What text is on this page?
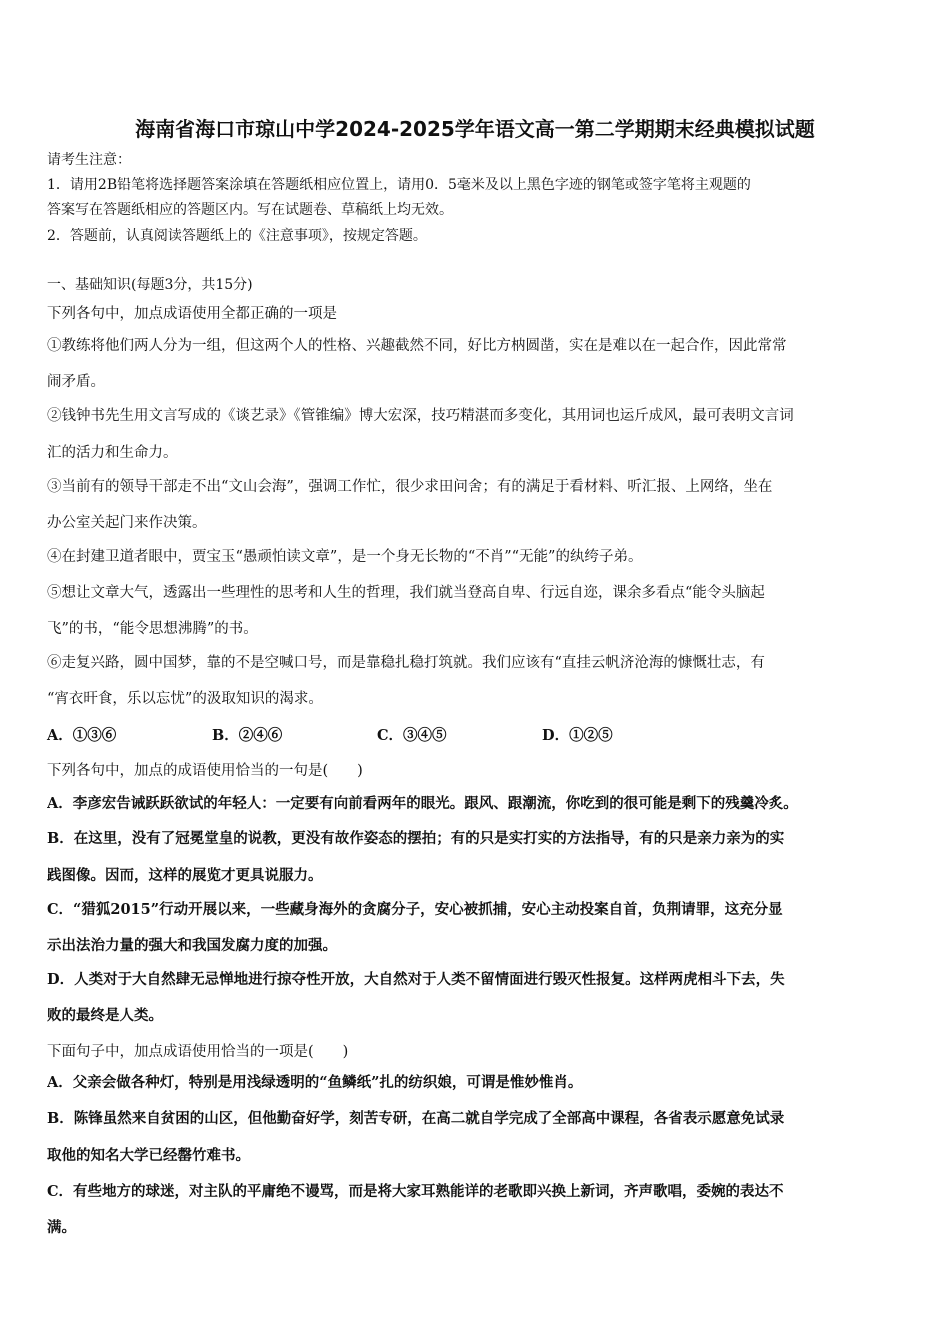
海南省海口市琼山中学2024-2025学年语文高一第二学期期末经典模拟试题
请考生注意：
1．请用2B铅笔将选择题答案涂填在答题纸相应位置上，请用0．5毫米及以上黑色字迹的钢笔或签字笔将主观题的
答案写在答题纸相应的答题区内。写在试题卷、草稿纸上均无效。
2．答题前，认真阅读答题纸上的《注意事项》，按规定答题。
一、基础知识(每题3分，共15分)
下列各句中，加点成语使用全都正确的一项是
①教练将他们两人分为一组，但这两个人的性格、兴趣截然不同，好比方枘圆凿，实在是难以在一起合作，因此常常
闹矛盾。
②钱钟书先生用文言写成的《谈艺录》《管锥编》博大宏深，技巧精湛而多变化，其用词也运斤成风，最可表明文言词
汇的活力和生命力。
③当前有的领导干部走不出“文山会海”，强调工作忙，很少求田问舍；有的满足于看材料、听汇报、上网络，坐在
办公室关起门来作决策。
④在封建卫道者眼中，贾宝玉“愚顽怕读文章”，是一个身无长物的“不肖”“无能”的纨绔子弟。
⑤想让文章大气，透露出一些理性的思考和人生的哲理，我们就当登高自卑、行远自迩，课余多看点“能令头脑起
飞”的书，“能令思想沸腾”的书。
⑥走复兴路，圆中国梦，靠的不是空喊口号，而是靠稳扎稳打筑就。我们应该有“直挂云帆济沧海的慷慨壮志，有
“宵衣旰食，乐以忘忧”的汲取知识的渴求。
A．①③⑥	B．②④⑥	C．③④⑤	D．①②⑤
下列各句中，加点的成语使用恰当的一句是(　　)
A．李彦宏告诫跃跃欲试的年轻人：一定要有向前看两年的眼光。跟风、跟潮流，你吃到的很可能是剩下的残羹冷炙。
B．在这里，没有了冠冕堂皇的说教，更没有故作姿态的摆拍；有的只是实打实的方法指导，有的只是亲力亲为的实
践图像。因而，这样的展览才更具说服力。
C．“猎狐2015”行动开展以来，一些藏身海外的贪腐分子，安心被抓捕，安心主动投案自首，负荆请罪，这充分显
示出法治力量的强大和我国发腐力度的加强。
D．人类对于大自然肆无忌惮地进行掠夺性开放，大自然对于人类不留情面进行毁灭性报复。这样两虎相斗下去，失
败的最终是人类。
下面句子中，加点成语使用恰当的一项是(　　)
A．父亲会做各种灯，特别是用浅绿透明的“鱼鳞纸”扎的纺织娘，可谓是惟妙惟肖。
B．陈锋虽然来自贫困的山区，但他勤奋好学，刻苦专研，在高二就自学完成了全部高中课程，各省表示愿意免试录
取他的知名大学已经罄竹难书。
C．有些地方的球迷，对主队的平庸绝不谩骂，而是将大家耳熟能详的老歌即兴换上新词，齐声歌唱，委婉的表达不
满。
